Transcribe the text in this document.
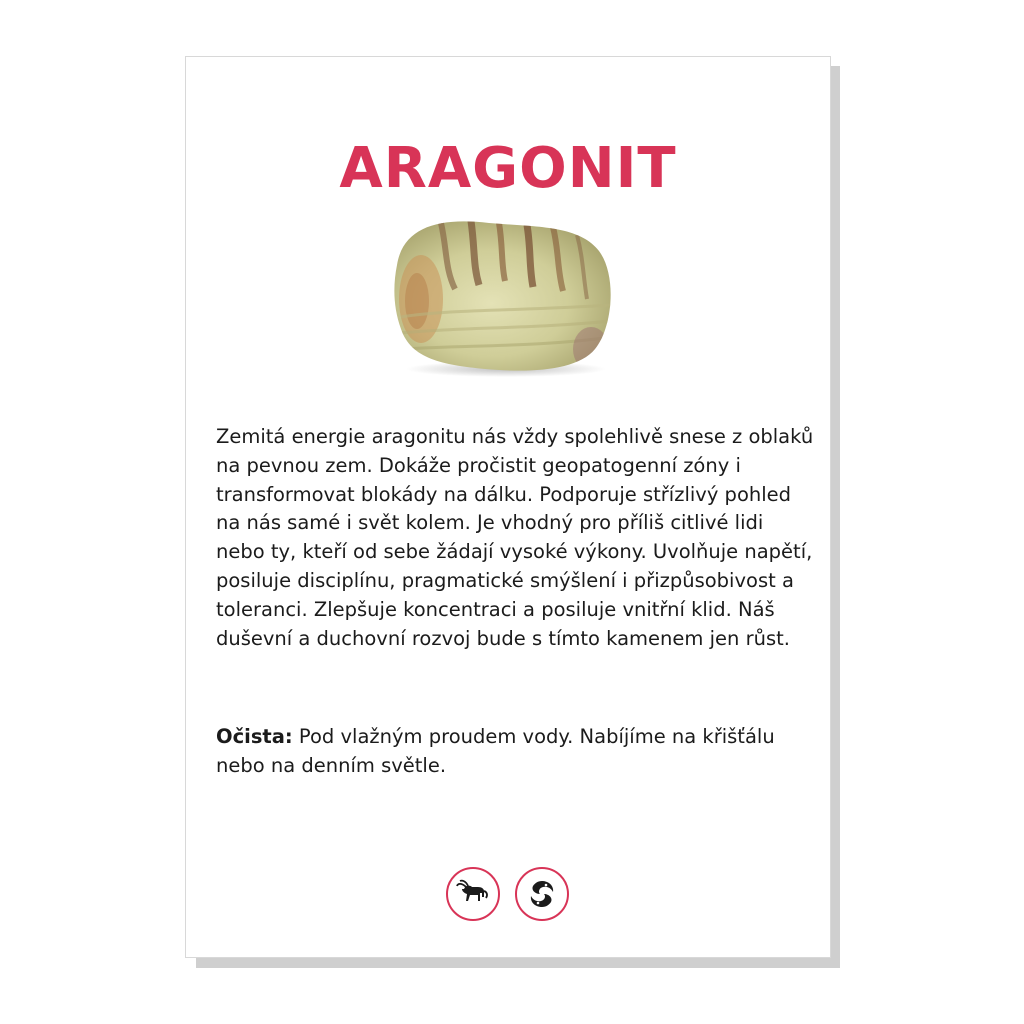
ARAGONIT

Zemitá energie aragonitu nás vždy spolehlivě snese z oblaků na pevnou zem. Dokáže pročistit geopatogenní zóny i transformovat blokády na dálku. Podporuje střízlivý pohled na nás samé i svět kolem. Je vhodný pro příliš citlivé lidi nebo ty, kteří od sebe žádají vysoké výkony. Uvolňuje napětí, posiluje disciplínu, pragmatické smýšlení i přizpůsobivost a toleranci. Zlepšuje koncentraci a posiluje vnitřní klid. Náš duševní a duchovní rozvoj bude s tímto kamenem jen růst.

Očista: Pod vlažným proudem vody. Nabíjíme na křišťálu nebo na denním světle.
